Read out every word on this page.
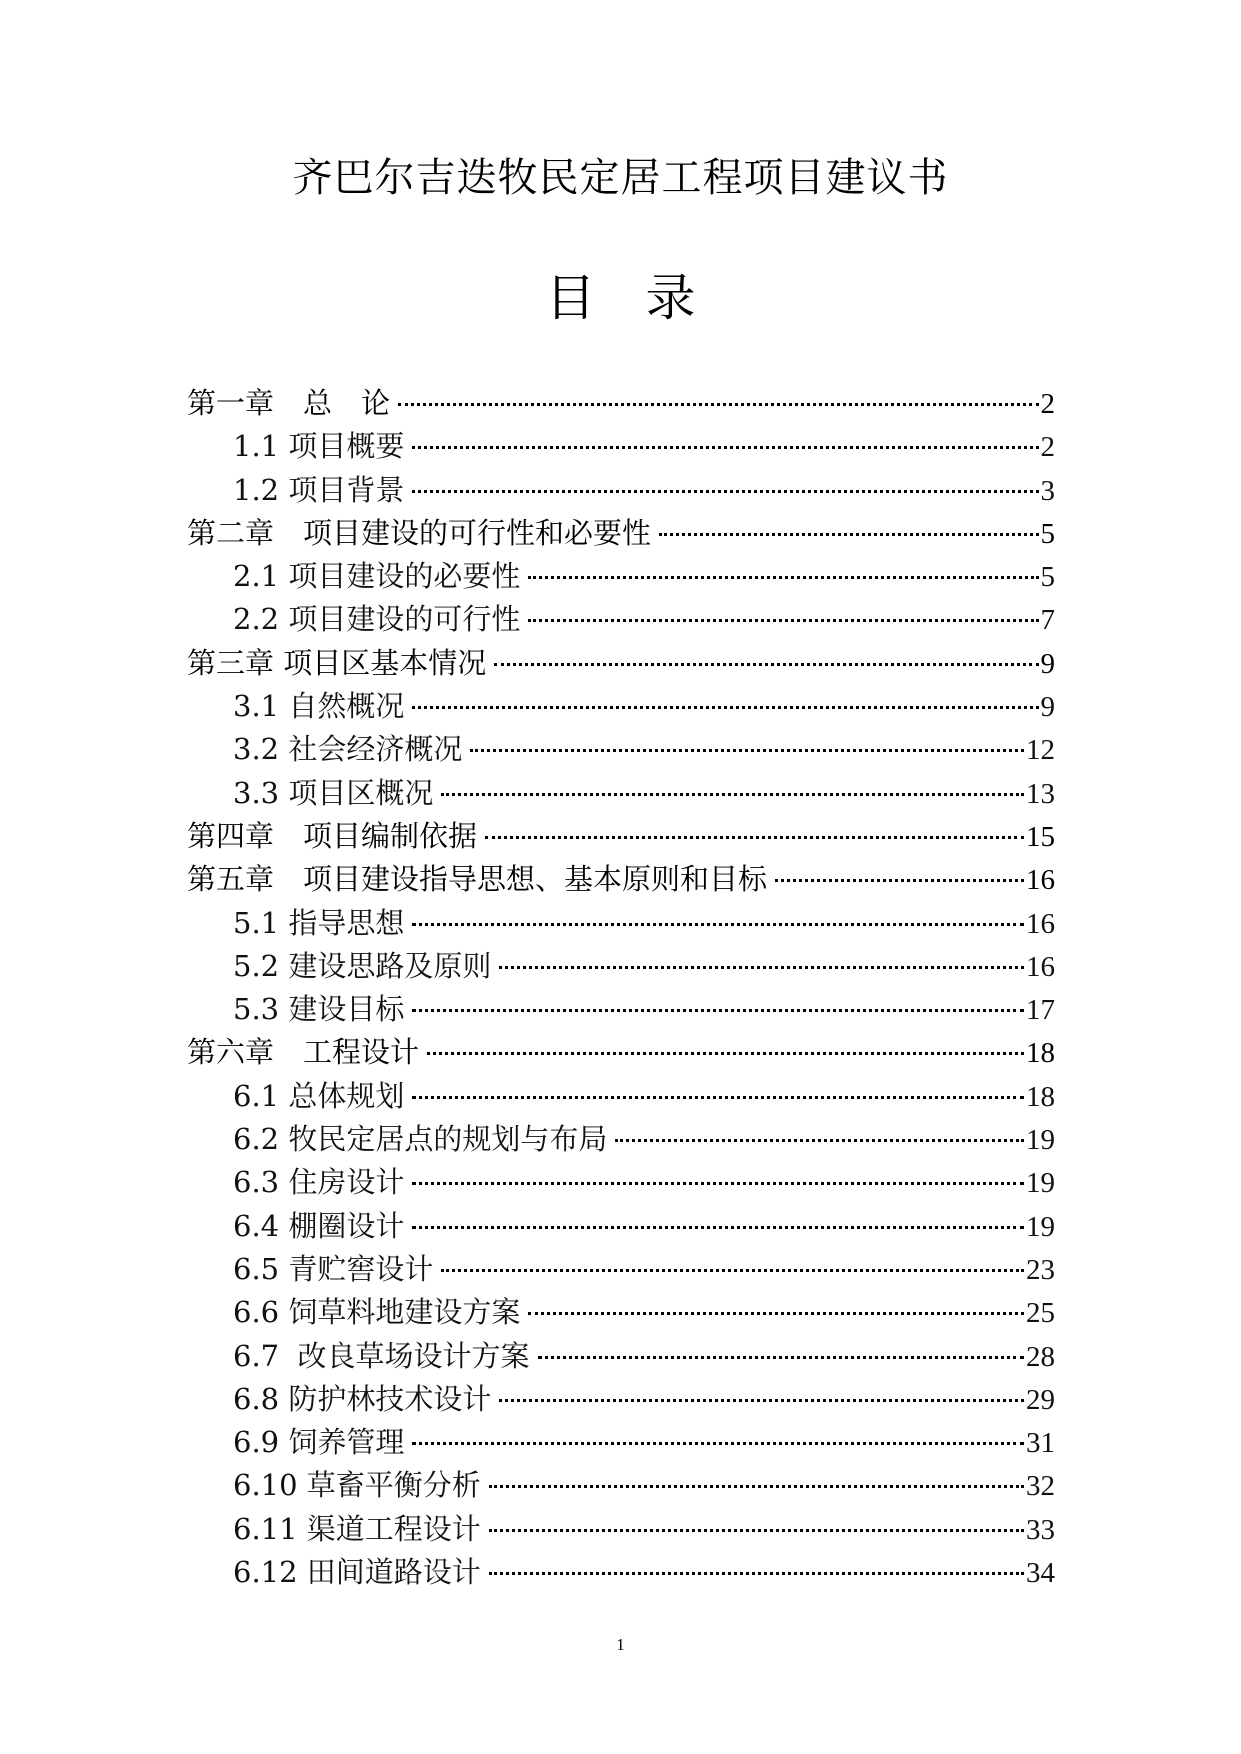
齐巴尔吉迭牧民定居工程项目建议书
目　录
第一章　总　论	2
1.1 项目概要	2
1.2 项目背景	3
第二章　项目建设的可行性和必要性	5
2.1 项目建设的必要性	5
2.2 项目建设的可行性	7
第三章 项目区基本情况	9
3.1 自然概况	9
3.2 社会经济概况	12
3.3 项目区概况	13
第四章　项目编制依据	15
第五章　项目建设指导思想、基本原则和目标	16
5.1 指导思想	16
5.2 建设思路及原则	16
5.3 建设目标	17
第六章　工程设计	18
6.1 总体规划	18
6.2 牧民定居点的规划与布局	19
6.3 住房设计	19
6.4 棚圈设计	19
6.5 青贮窖设计	23
6.6 饲草料地建设方案	25
6.7  改良草场设计方案	28
6.8 防护林技术设计	29
6.9 饲养管理	31
6.10 草畜平衡分析	32
6.11 渠道工程设计	33
6.12 田间道路设计	34
1
